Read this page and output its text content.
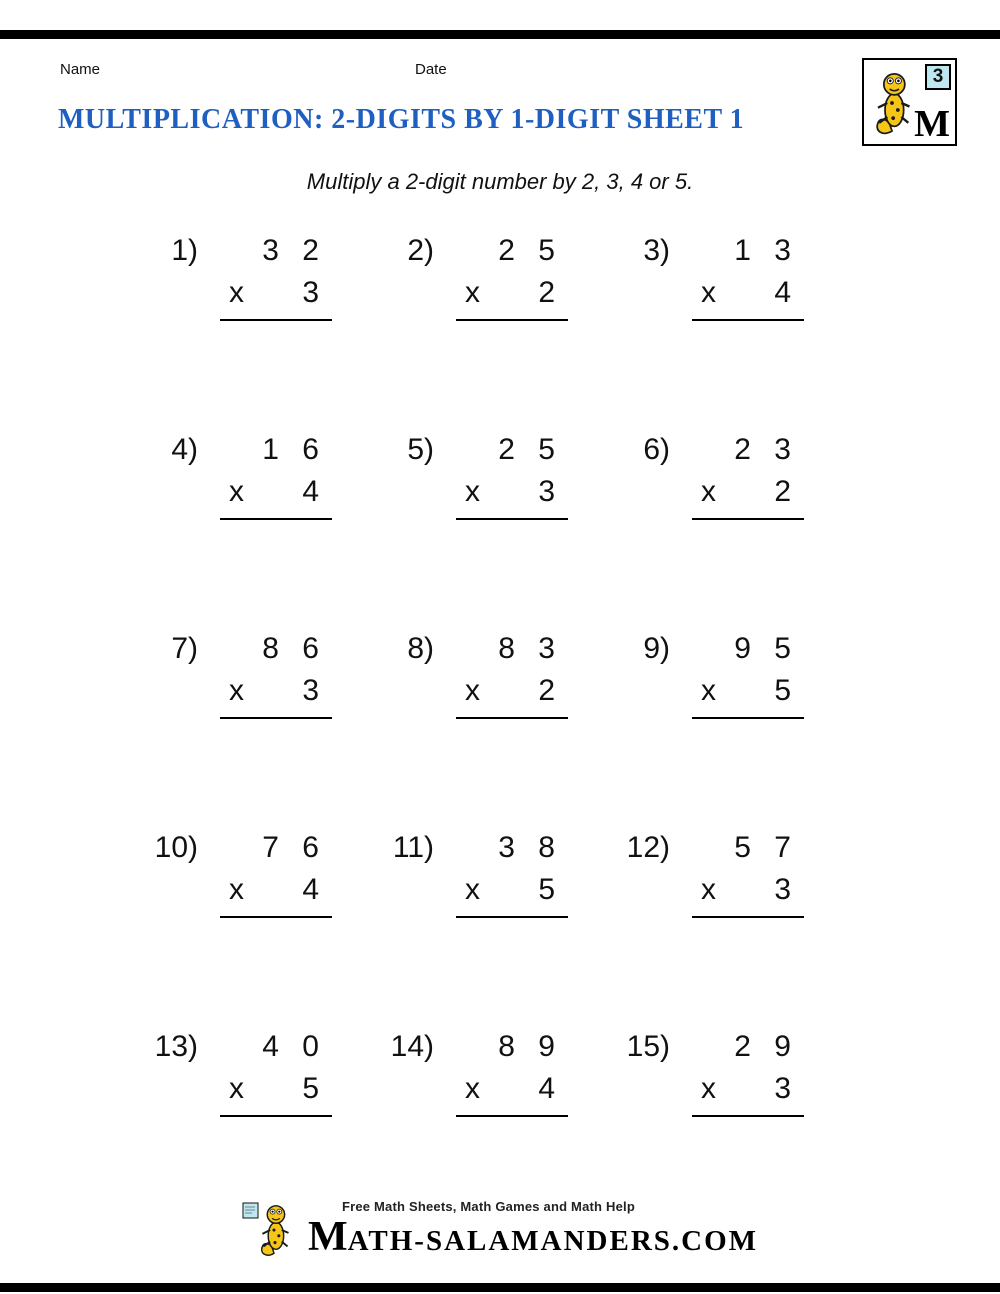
Name	Date	3
M
MULTIPLICATION: 2-DIGITS BY 1-DIGIT SHEET 1
Multiply a 2-digit number by 2, 3, 4 or 5.
1)	3 2
x 3
2)	2 5
x 2
3)	1 3
x 4
4)	1 6
x 4
5)	2 5
x 3
6)	2 3
x 2
7)	8 6
x 3
8)	8 3
x 2
9)	9 5
x 5
10)	7 6
x 4
11)	3 8
x 5
12)	5 7
x 3
13)	4 0
x 5
14)	8 9
x 4
15)	2 9
x 3
Free Math Sheets, Math Games and Math Help
MATH-SALAMANDERS.COM
